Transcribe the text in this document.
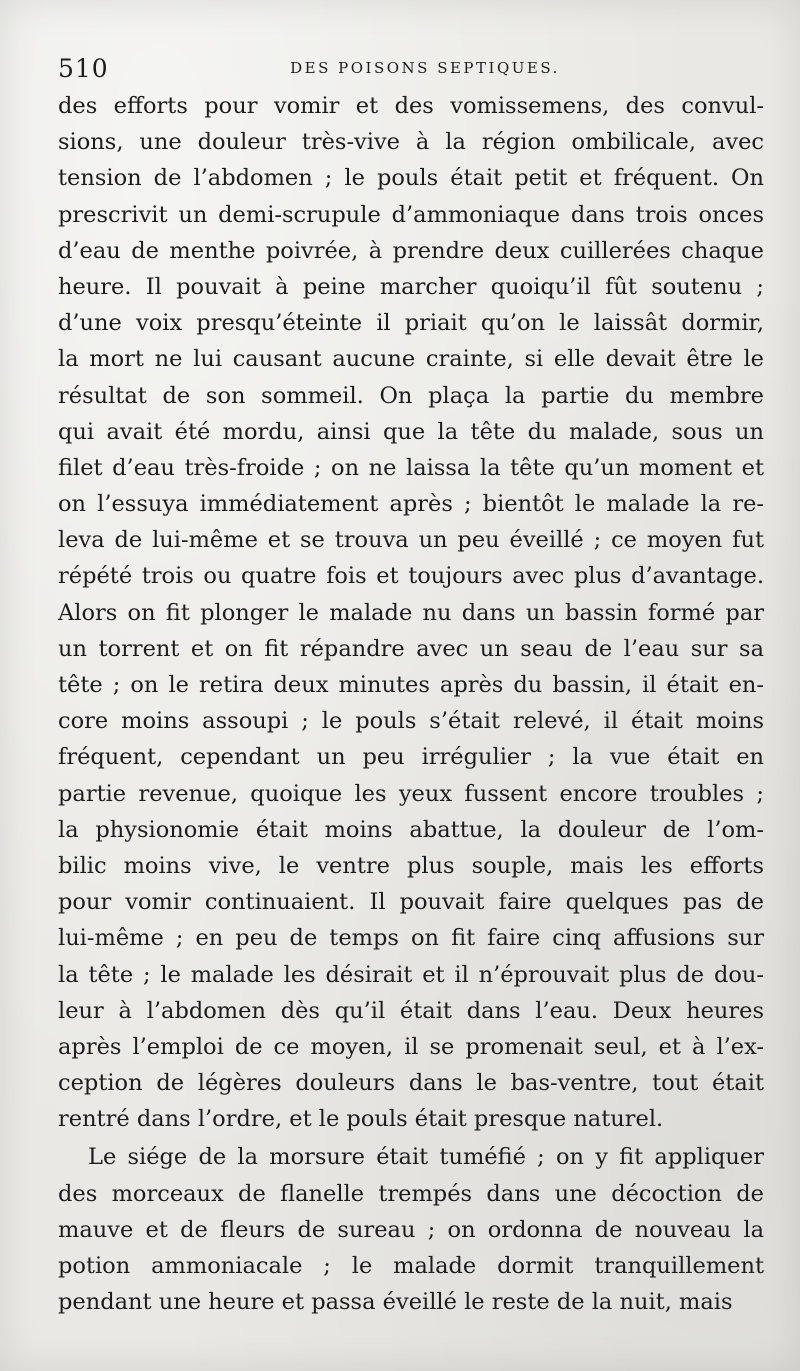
510	DES POISONS SEPTIQUES.
des efforts pour vomir et des vomissemens, des convul-
sions, une douleur très-vive à la région ombilicale, avec
tension de l’abdomen ; le pouls était petit et fréquent. On
prescrivit un demi-scrupule d’ammoniaque dans trois onces
d’eau de menthe poivrée, à prendre deux cuillerées chaque
heure. Il pouvait à peine marcher quoiqu’il fût soutenu ;
d’une voix presqu’éteinte il priait qu’on le laissât dormir,
la mort ne lui causant aucune crainte, si elle devait être le
résultat de son sommeil. On plaça la partie du membre
qui avait été mordu, ainsi que la tête du malade, sous un
filet d’eau très-froide ; on ne laissa la tête qu’un moment et
on l’essuya immédiatement après ; bientôt le malade la re-
leva de lui-même et se trouva un peu éveillé ; ce moyen fut
répété trois ou quatre fois et toujours avec plus d’avantage.
Alors on fit plonger le malade nu dans un bassin formé par
un torrent et on fit répandre avec un seau de l’eau sur sa
tête ; on le retira deux minutes après du bassin, il était en-
core moins assoupi ; le pouls s’était relevé, il était moins
fréquent, cependant un peu irrégulier ; la vue était en
partie revenue, quoique les yeux fussent encore troubles ;
la physionomie était moins abattue, la douleur de l’om-
bilic moins vive, le ventre plus souple, mais les efforts
pour vomir continuaient. Il pouvait faire quelques pas de
lui-même ; en peu de temps on fit faire cinq affusions sur
la tête ; le malade les désirait et il n’éprouvait plus de dou-
leur à l’abdomen dès qu’il était dans l’eau. Deux heures
après l’emploi de ce moyen, il se promenait seul, et à l’ex-
ception de légères douleurs dans le bas-ventre, tout était
rentré dans l’ordre, et le pouls était presque naturel.
Le siége de la morsure était tuméfié ; on y fit appliquer
des morceaux de flanelle trempés dans une décoction de
mauve et de fleurs de sureau ; on ordonna de nouveau la
potion ammoniacale ; le malade dormit tranquillement
pendant une heure et passa éveillé le reste de la nuit, mais
